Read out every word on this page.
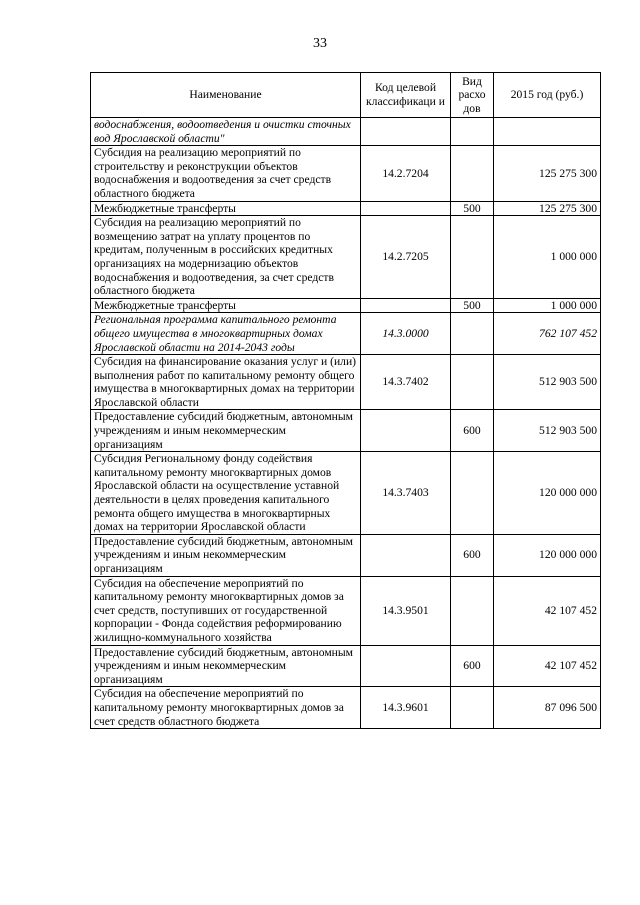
33
Наименование	Код целевой классификаци и	Вид расхо дов	2015 год (руб.)
водоснабжения, водоотведения и очистки сточных вод Ярославской области"			
Субсидия на реализацию мероприятий по строительству и реконструкции объектов водоснабжения и водоотведения за счет средств областного бюджета	14.2.7204		125 275 300
Межбюджетные трансферты		500	125 275 300
Субсидия на реализацию мероприятий по возмещению затрат на уплату процентов по кредитам, полученным в российских кредитных организациях на модернизацию объектов водоснабжения и водоотведения, за счет средств областного бюджета	14.2.7205		1 000 000
Межбюджетные трансферты		500	1 000 000
Региональная программа капитального ремонта общего имущества в многоквартирных домах Ярославской области на 2014-2043 годы	14.3.0000		762 107 452
Субсидия на финансирование оказания услуг и (или) выполнения работ по капитальному ремонту общего имущества в многоквартирных домах на территории Ярославской области	14.3.7402		512 903 500
Предоставление субсидий бюджетным, автономным учреждениям и иным некоммерческим организациям		600	512 903 500
Субсидия Региональному фонду содействия капитальному ремонту многоквартирных домов Ярославской области на осуществление уставной деятельности в целях проведения капитального ремонта общего имущества в многоквартирных домах на территории Ярославской области	14.3.7403		120 000 000
Предоставление субсидий бюджетным, автономным учреждениям и иным некоммерческим организациям		600	120 000 000
Субсидия на обеспечение мероприятий по капитальному ремонту многоквартирных домов за счет средств, поступивших от государственной корпорации - Фонда содействия реформированию жилищно-коммунального хозяйства	14.3.9501		42 107 452
Предоставление субсидий бюджетным, автономным учреждениям и иным некоммерческим организациям		600	42 107 452
Субсидия на обеспечение мероприятий по капитальному ремонту многоквартирных домов за счет средств областного бюджета	14.3.9601		87 096 500
